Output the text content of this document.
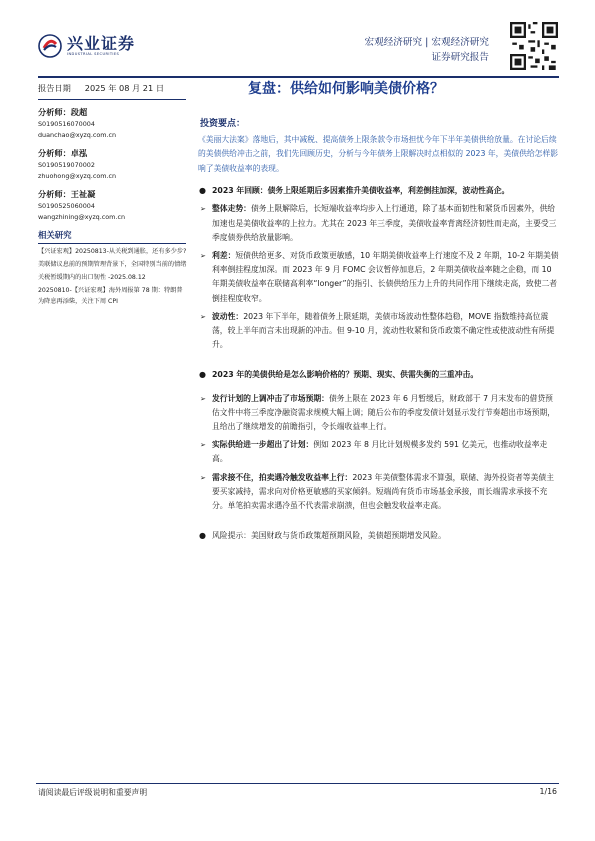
兴业证券
INDUSTRIAL SECURITIES
宏观经济研究 | 宏观经济研究
证券研究报告
报告日期 2025 年 08 月 21 日
分析师：段超
S0190516070004
duanchao@xyzq.com.cn
分析师：卓泓
S0190519070002
zhuohong@xyzq.com.cn
分析师：王祉凝
S0190525060004
wangzhining@xyzq.com.cn
相关研究
【兴证宏观】20250813-从关税到通胀，还有多少步?
美联储议息前的预期管理背景下，全国特别当前的情绪
关税暂缓期内的出口韧性 -2025.08.12
20250810-【兴证宏观】海外周报第 78 期：特朗普为降息再添柴，关注下周 CPI
复盘：供给如何影响美债价格？
投资要点：
《美丽大法案》落地后，其中减税、提高债务上限条款令市场担忧今年下半年美债供给放量。在讨论后续的美债供给冲击之前，我们先回顾历史，分析与今年债务上限解决时点相似的 2023 年，美债供给怎样影响了美债收益率的表现。
● 2023 年回顾：债务上限延期后多因素推升美债收益率，利差倒挂加深，波动性高企。
➢ 整体走势：债务上限解除后，长短端收益率均步入上行通道，除了基本面韧性和紧货币因素外，供给加速也是美债收益率的上拉力。尤其在 2023 年三季度，美债收益率背离经济韧性而走高，主要受三季度债券供给放量影响。
➢ 利差：短债供给更多、对货币政策更敏感，10 年期美债收益率上行速度不及 2 年期，10-2 年期美债利率倒挂程度加深。而 2023 年 9 月 FOMC 会议暂停加息后，2 年期美债收益率随之企稳，而 10 年期美债收益率在联储高利率“longer”的指引、长债供给压力上升的共同作用下继续走高，致使二者倒挂程度收窄。
➢ 波动性：2023 年下半年，随着债务上限延期，美债市场波动性整体趋稳，MOVE 指数维持高位震荡，较上半年而言未出现新的冲击。但 9-10 月，流动性收紧和货币政策不确定性或使波动性有所提升。
● 2023 年的美债供给是怎么影响价格的？预期、现实、供需失衡的三重冲击。
➢ 发行计划的上调冲击了市场预期：债务上限在 2023 年 6 月暂缓后，财政部于 7 月末发布的借贷预估文件中将三季度净融资需求规模大幅上调；随后公布的季度发债计划显示发行节奏超出市场预期，且给出了继续增发的前瞻指引，令长端收益率上行。
➢ 实际供给进一步超出了计划：例如 2023 年 8 月比计划规模多发约 591 亿美元，也推动收益率走高。
➢ 需求接不住，拍卖遇冷触发收益率上行：2023 年美债整体需求不算强，联储、海外投资者等美债主要买家减持，需求向对价格更敏感的买家倾斜。短端尚有货币市场基金承接，而长端需求承接不充分。单笔拍卖需求遇冷虽不代表需求崩溃，但也会触发收益率走高。
● 风险提示：美国财政与货币政策超预期风险，美债超预期增发风险。
请阅读最后评级说明和重要声明	1/16
